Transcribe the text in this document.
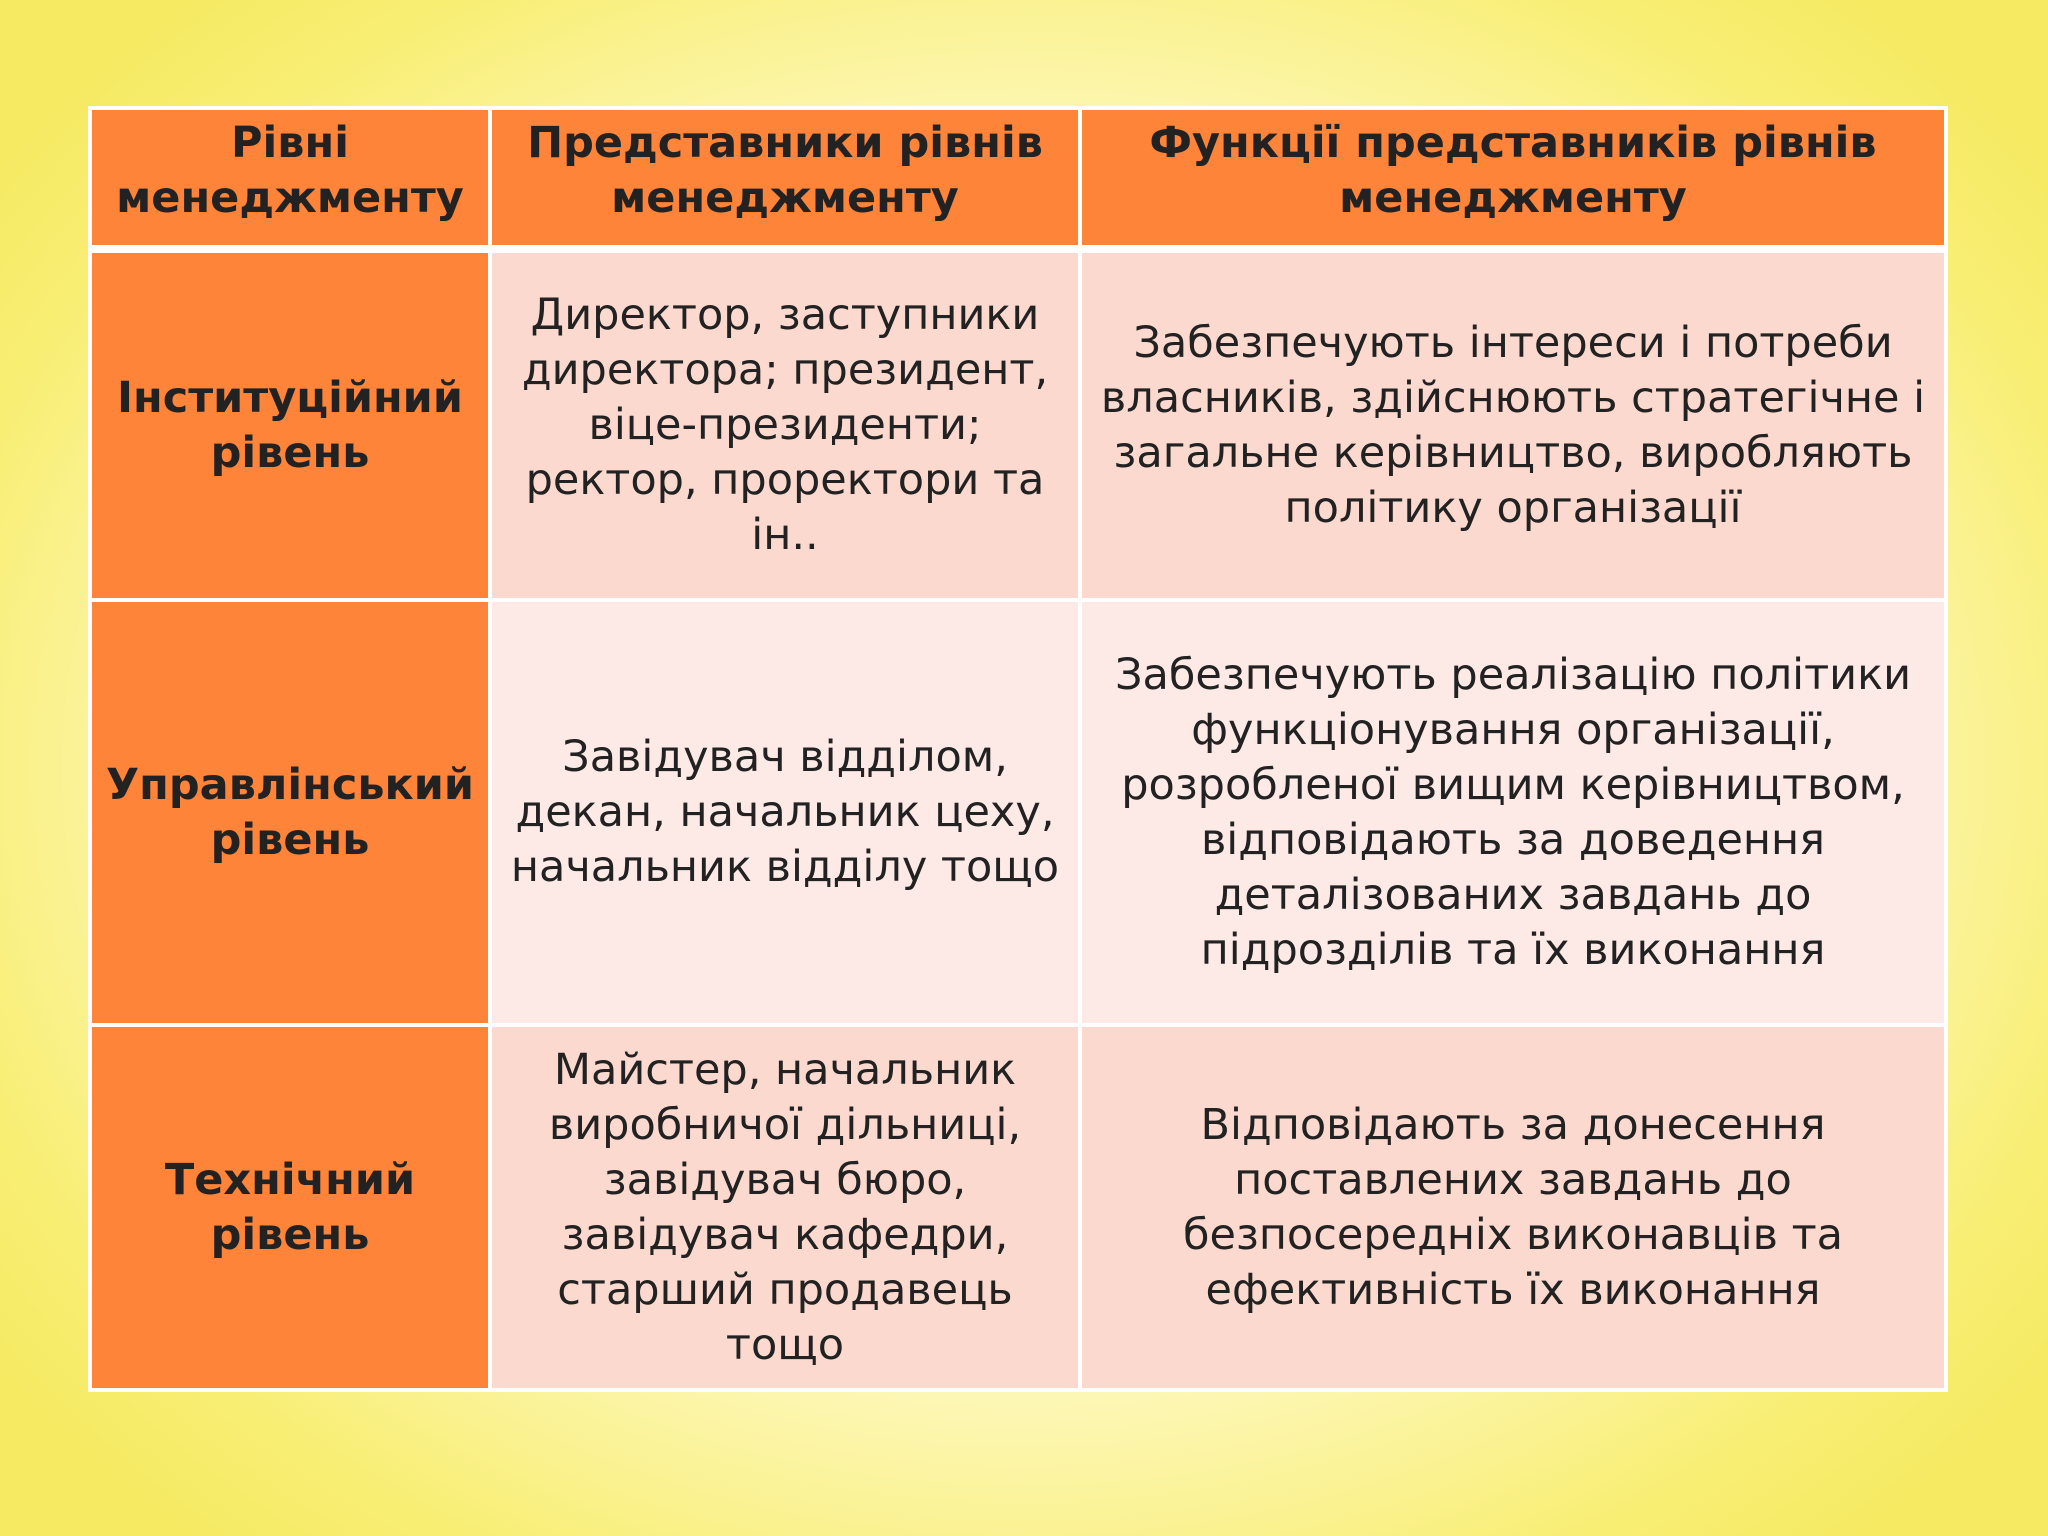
Рівні менеджменту	Представники рівнів менеджменту	Функції представників рівнів менеджменту

Інституційний рівень	Директор, заступники директора; президент, віце-президенти; ректор, проректори та ін..	Забезпечують інтереси і потреби власників, здійснюють стратегічне і загальне керівництво, виробляють політику організації
Управлінський рівень	Завідувач відділом, декан, начальник цеху, начальник відділу тощо	Забезпечують реалізацію політики функціонування організації, розробленої вищим керівництвом, відповідають за доведення деталізованих завдань до підрозділів та їх виконання
Технічний рівень	Майстер, начальник виробничої дільниці, завідувач бюро, завідувач кафедри, старший продавець тощо	Відповідають за донесення поставлених завдань до безпосередніх виконавців та ефективність їх виконання
